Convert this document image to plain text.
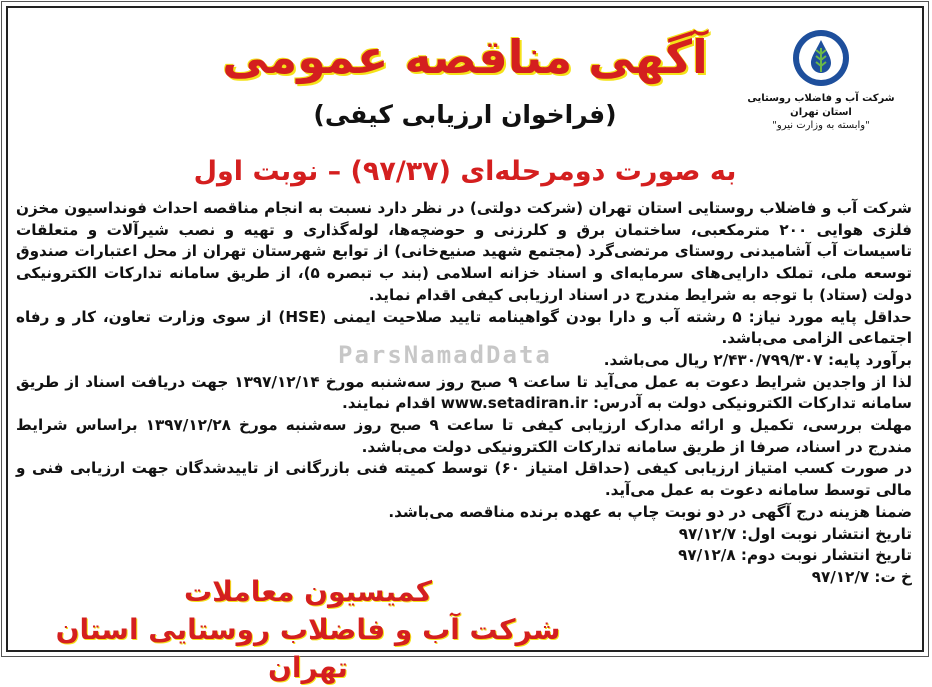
شرکت آب و فاضلاب روستایی استان تهران
"وابسته به وزارت نیرو"
آگهی مناقصه عمومی
(فراخوان ارزیابی کیفی)
به صورت دومرحله‌ای (۹۷/۳۷) – نوبت اول

شرکت آب و فاضلاب روستایی استان تهران (شرکت دولتی) در نظر دارد نسبت به انجام مناقصه احداث فونداسیون مخزن فلزی هوایی ۲۰۰ مترمکعبی، ساختمان برق و کلرزنی و حوضچه‌ها، لوله‌گذاری و تهیه و نصب شیرآلات و متعلقات تاسیسات آب آشامیدنی روستای مرتضی‌گرد (مجتمع شهید صنیع‌خانی) از توابع شهرستان تهران از محل اعتبارات صندوق توسعه ملی، تملک دارایی‌های سرمایه‌ای و اسناد خزانه اسلامی (بند ب تبصره ۵)، از طریق سامانه تدارکات الکترونیکی دولت (ستاد) با توجه به شرایط مندرج در اسناد ارزیابی کیفی اقدام نماید.

حداقل پایه مورد نیاز: ۵ رشته آب و دارا بودن گواهینامه تایید صلاحیت ایمنی (HSE) از سوی وزارت تعاون، کار و رفاه اجتماعی الزامی می‌باشد.

برآورد پایه: ۲/۴۳۰/۷۹۹/۳۰۷ ریال می‌باشد.

لذا از واجدین شرایط دعوت به عمل می‌آید تا ساعت ۹ صبح روز سه‌شنبه مورخ ۱۳۹۷/۱۲/۱۴ جهت دریافت اسناد از طریق سامانه تدارکات الکترونیکی دولت به آدرس: www.setadiran.ir اقدام نمایند.

مهلت بررسی، تکمیل و ارائه مدارک ارزیابی کیفی تا ساعت ۹ صبح روز سه‌شنبه مورخ ۱۳۹۷/۱۲/۲۸ براساس شرایط مندرج در اسناد، صرفا از طریق سامانه تدارکات الکترونیکی دولت می‌باشد.

در صورت کسب امتیاز ارزیابی کیفی (حداقل امتیاز ۶۰) توسط کمیته فنی بازرگانی از تاییدشدگان جهت ارزیابی فنی و مالی توسط سامانه دعوت به عمل می‌آید.

ضمنا هزینه درج آگهی در دو نوبت چاپ به عهده برنده مناقصه می‌باشد.

تاریخ انتشار نوبت اول: ۹۷/۱۲/۷

تاریخ انتشار نوبت دوم: ۹۷/۱۲/۸

خ ت: ۹۷/۱۲/۷

ParsNamadData
کمیسیون معاملات
شرکت آب و فاضلاب روستایی استان تهران
